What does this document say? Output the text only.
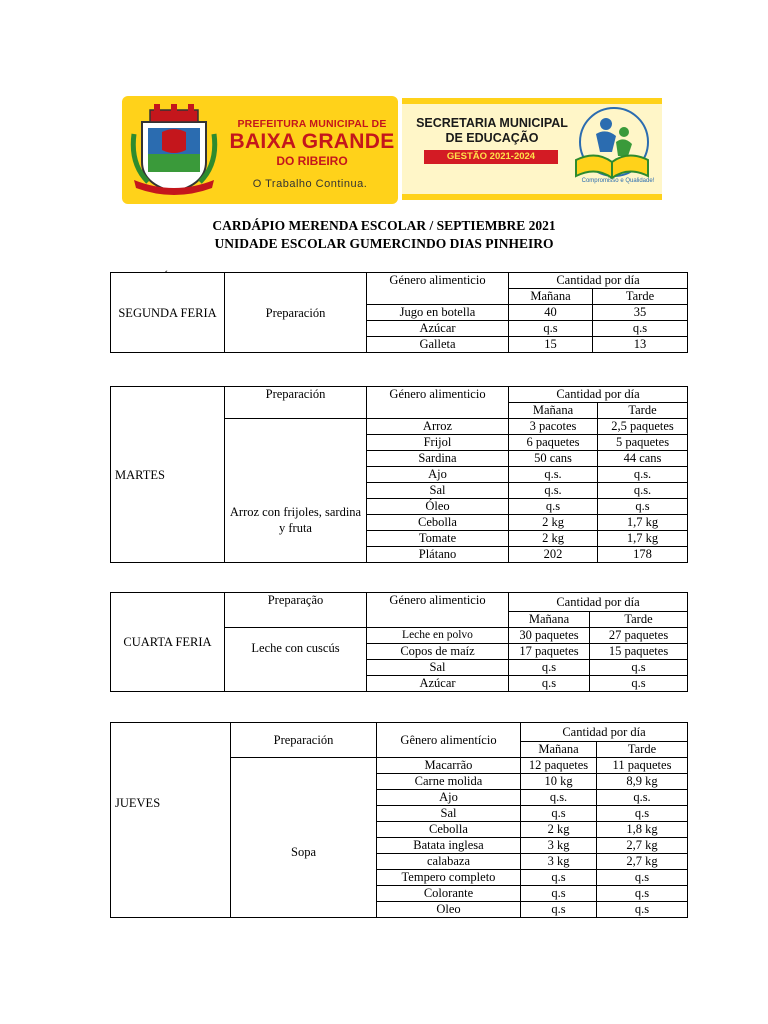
PREFEITURA MUNICIPAL DE
BAIXA GRANDE
DO RIBEIRO
O Trabalho Continua.
SECRETARIA MUNICIPAL
DE EDUCAÇÃO
GESTÃO 2021-2024
Compromisso e Qualidade!
CARDÁPIO MERENDA ESCOLAR / SEPTIEMBRE 2021
UNIDADE ESCOLAR GUMERCINDO DIAS PINHEIRO
´
SEGUNDA FERIA	Preparación	Género alimenticio	Cantidad por día	
			Mañana	Tarde
		Jugo en botella	40	35
		Azúcar	q.s	q.s
		Galleta	15	13
MARTES	Preparación	Género alimenticio	Cantidad por día	
			Mañana	Tarde
	Arroz con frijoles, sardina y fruta	Arroz	3 pacotes	2,5 paquetes
		Frijol	6 paquetes	5 paquetes
		Sardina	50 cans	44 cans
		Ajo	q.s.	q.s.
		Sal	q.s.	q.s.
		Óleo	q.s	q.s
		Cebolla	2 kg	1,7 kg
		Tomate	2 kg	1,7 kg
		Plátano	202	178
CUARTA FERIA	Preparação	Género alimenticio	Cantidad por día	
			Mañana	Tarde
	Leche con cuscús	Leche en polvo	30 paquetes	27 paquetes
		Copos de maíz	17 paquetes	15 paquetes
		Sal	q.s	q.s
		Azúcar	q.s	q.s
JUEVES	Preparación	Gênero alimentício	Cantidad por día	
			Mañana	Tarde
	Sopa	Macarrão	12 paquetes	11 paquetes
		Carne molida	10 kg	8,9 kg
		Ajo	q.s.	q.s.
		Sal	q.s	q.s
		Cebolla	2 kg	1,8 kg
		Batata inglesa	3 kg	2,7 kg
		calabaza	3 kg	2,7 kg
		Tempero completo	q.s	q.s
		Colorante	q.s	q.s
		Oleo	q.s	q.s
